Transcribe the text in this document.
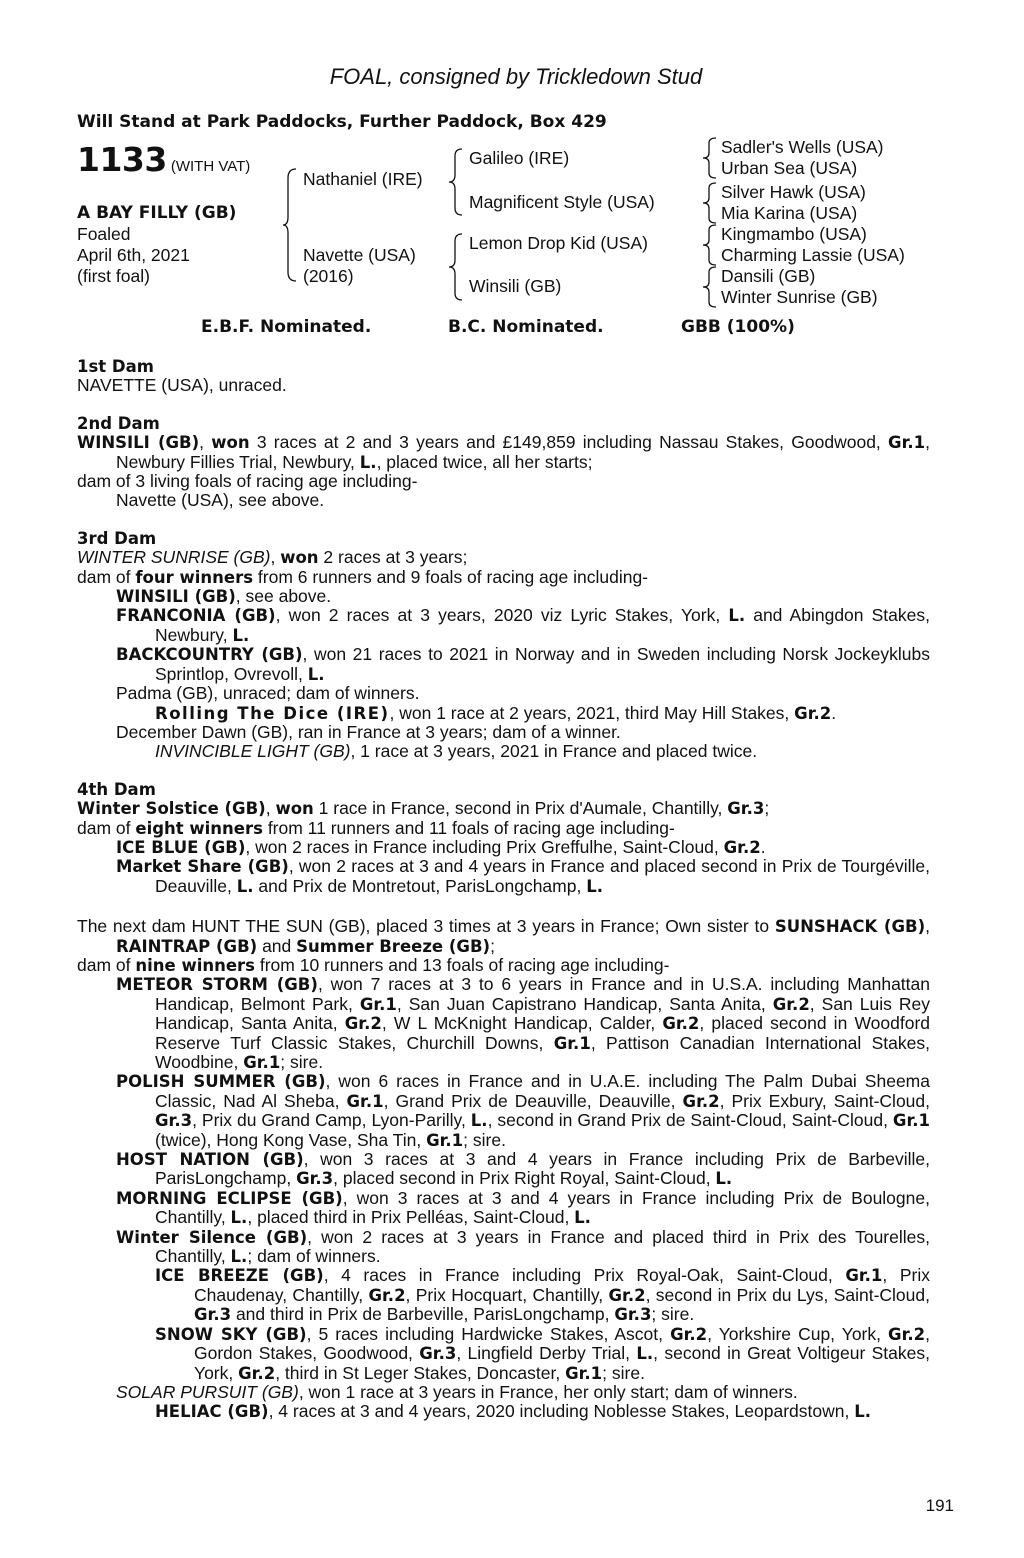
FOAL, consigned by Trickledown Stud
Will Stand at Park Paddocks, Further Paddock, Box 429
1133 (WITH VAT)
A BAY FILLY (GB)
Foaled
April 6th, 2021
(first foal)
Nathaniel (IRE)
Navette (USA)
(2016)
Galileo (IRE)
Magnificent Style (USA)
Lemon Drop Kid (USA)
Winsili (GB)
Sadler's Wells (USA)
Urban Sea (USA)
Silver Hawk (USA)
Mia Karina (USA)
Kingmambo (USA)
Charming Lassie (USA)
Dansili (GB)
Winter Sunrise (GB)
E.B.F. Nominated.	B.C. Nominated.	GBB (100%)

1st Dam

NAVETTE (USA), unraced.

2nd Dam

WINSILI (GB), won 3 races at 2 and 3 years and £149,859 including Nassau Stakes, Goodwood, Gr.1, Newbury Fillies Trial, Newbury, L., placed twice, all her starts;

dam of 3 living foals of racing age including-

Navette (USA), see above.

3rd Dam

WINTER SUNRISE (GB), won 2 races at 3 years;

dam of four winners from 6 runners and 9 foals of racing age including-

WINSILI (GB), see above.

FRANCONIA (GB), won 2 races at 3 years, 2020 viz Lyric Stakes, York, L. and Abingdon Stakes, Newbury, L.

BACKCOUNTRY (GB), won 21 races to 2021 in Norway and in Sweden including Norsk Jockeyklubs Sprintlop, Ovrevoll, L.

Padma (GB), unraced; dam of winners.

Rolling The Dice (IRE), won 1 race at 2 years, 2021, third May Hill Stakes, Gr.2.

December Dawn (GB), ran in France at 3 years; dam of a winner.

INVINCIBLE LIGHT (GB), 1 race at 3 years, 2021 in France and placed twice.

4th Dam

Winter Solstice (GB), won 1 race in France, second in Prix d'Aumale, Chantilly, Gr.3;

dam of eight winners from 11 runners and 11 foals of racing age including-

ICE BLUE (GB), won 2 races in France including Prix Greffulhe, Saint-Cloud, Gr.2.

Market Share (GB), won 2 races at 3 and 4 years in France and placed second in Prix de Tourgéville, Deauville, L. and Prix de Montretout, ParisLongchamp, L.

The next dam HUNT THE SUN (GB), placed 3 times at 3 years in France; Own sister to SUNSHACK (GB), RAINTRAP (GB) and Summer Breeze (GB);

dam of nine winners from 10 runners and 13 foals of racing age including-

METEOR STORM (GB), won 7 races at 3 to 6 years in France and in U.S.A. including Manhattan Handicap, Belmont Park, Gr.1, San Juan Capistrano Handicap, Santa Anita, Gr.2, San Luis Rey Handicap, Santa Anita, Gr.2, W L McKnight Handicap, Calder, Gr.2, placed second in Woodford Reserve Turf Classic Stakes, Churchill Downs, Gr.1, Pattison Canadian International Stakes, Woodbine, Gr.1; sire.

POLISH SUMMER (GB), won 6 races in France and in U.A.E. including The Palm Dubai Sheema Classic, Nad Al Sheba, Gr.1, Grand Prix de Deauville, Deauville, Gr.2, Prix Exbury, Saint-Cloud, Gr.3, Prix du Grand Camp, Lyon-Parilly, L., second in Grand Prix de Saint-Cloud, Saint-Cloud, Gr.1 (twice), Hong Kong Vase, Sha Tin, Gr.1; sire.

HOST NATION (GB), won 3 races at 3 and 4 years in France including Prix de Barbeville, ParisLongchamp, Gr.3, placed second in Prix Right Royal, Saint-Cloud, L.

MORNING ECLIPSE (GB), won 3 races at 3 and 4 years in France including Prix de Boulogne, Chantilly, L., placed third in Prix Pelléas, Saint-Cloud, L.

Winter Silence (GB), won 2 races at 3 years in France and placed third in Prix des Tourelles, Chantilly, L.; dam of winners.

ICE BREEZE (GB), 4 races in France including Prix Royal-Oak, Saint-Cloud, Gr.1, Prix Chaudenay, Chantilly, Gr.2, Prix Hocquart, Chantilly, Gr.2, second in Prix du Lys, Saint-Cloud, Gr.3 and third in Prix de Barbeville, ParisLongchamp, Gr.3; sire.

SNOW SKY (GB), 5 races including Hardwicke Stakes, Ascot, Gr.2, Yorkshire Cup, York, Gr.2, Gordon Stakes, Goodwood, Gr.3, Lingfield Derby Trial, L., second in Great Voltigeur Stakes, York, Gr.2, third in St Leger Stakes, Doncaster, Gr.1; sire.

SOLAR PURSUIT (GB), won 1 race at 3 years in France, her only start; dam of winners.

HELIAC (GB), 4 races at 3 and 4 years, 2020 including Noblesse Stakes, Leopardstown, L.

191
